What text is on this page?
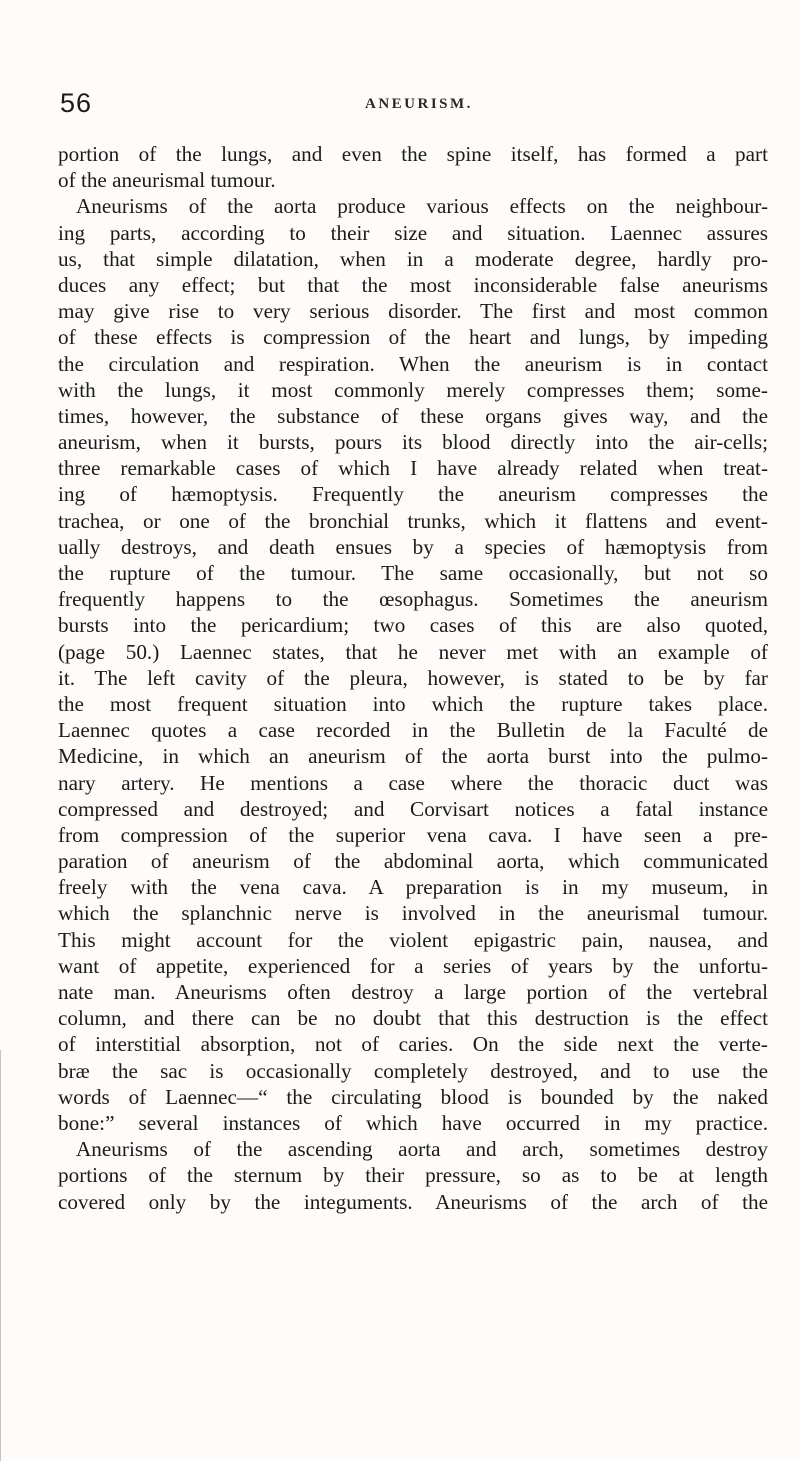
56	ANEURISM.
portion of the lungs, and even the spine itself, has formed a part
of the aneurismal tumour.
Aneurisms of the aorta produce various effects on the neighbour-
ing parts, according to their size and situation. Laennec assures
us, that simple dilatation, when in a moderate degree, hardly pro-
duces any effect; but that the most inconsiderable false aneurisms
may give rise to very serious disorder. The first and most common
of these effects is compression of the heart and lungs, by impeding
the circulation and respiration. When the aneurism is in contact
with the lungs, it most commonly merely compresses them; some-
times, however, the substance of these organs gives way, and the
aneurism, when it bursts, pours its blood directly into the air-cells;
three remarkable cases of which I have already related when treat-
ing of hæmoptysis. Frequently the aneurism compresses the
trachea, or one of the bronchial trunks, which it flattens and event-
ually destroys, and death ensues by a species of hæmoptysis from
the rupture of the tumour. The same occasionally, but not so
frequently happens to the œsophagus. Sometimes the aneurism
bursts into the pericardium; two cases of this are also quoted,
(page 50.) Laennec states, that he never met with an example of
it. The left cavity of the pleura, however, is stated to be by far
the most frequent situation into which the rupture takes place.
Laennec quotes a case recorded in the Bulletin de la Faculté de
Medicine, in which an aneurism of the aorta burst into the pulmo-
nary artery. He mentions a case where the thoracic duct was
compressed and destroyed; and Corvisart notices a fatal instance
from compression of the superior vena cava. I have seen a pre-
paration of aneurism of the abdominal aorta, which communicated
freely with the vena cava. A preparation is in my museum, in
which the splanchnic nerve is involved in the aneurismal tumour.
This might account for the violent epigastric pain, nausea, and
want of appetite, experienced for a series of years by the unfortu-
nate man. Aneurisms often destroy a large portion of the vertebral
column, and there can be no doubt that this destruction is the effect
of interstitial absorption, not of caries. On the side next the verte-
bræ the sac is occasionally completely destroyed, and to use the
words of Laennec—“ the circulating blood is bounded by the naked
bone:” several instances of which have occurred in my practice.
Aneurisms of the ascending aorta and arch, sometimes destroy
portions of the sternum by their pressure, so as to be at length
covered only by the integuments. Aneurisms of the arch of the
